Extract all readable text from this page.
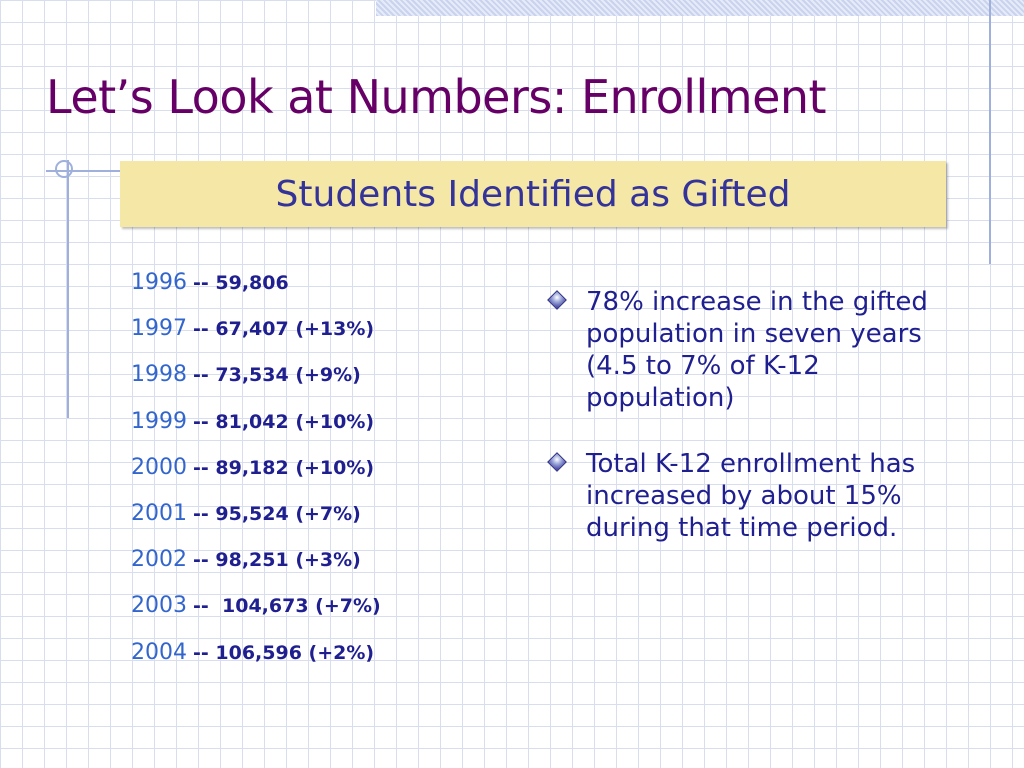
Let’s Look at Numbers: Enrollment
Students Identified as Gifted
1996 -- 59,806
1997 -- 67,407 (+13%)
1998 -- 73,534 (+9%)
1999 -- 81,042 (+10%)
2000 -- 89,182 (+10%)
2001 -- 95,524 (+7%)
2002 -- 98,251 (+3%)
2003 --  104,673 (+7%)
2004 -- 106,596 (+2%)
78% increase in the gifted population in seven years (4.5 to 7% of K-12 population)
Total K-12 enrollment has increased by about 15% during that time period.
